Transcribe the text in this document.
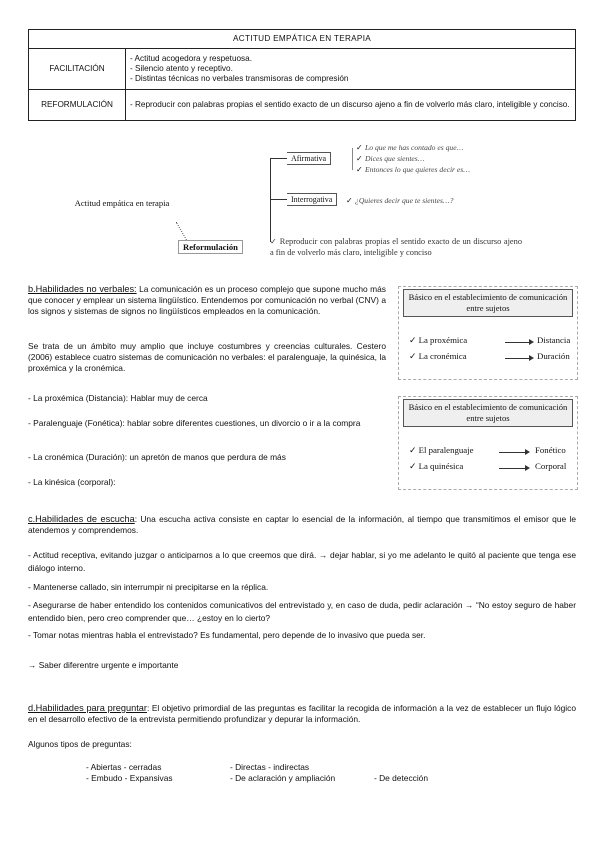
ACTITUD EMPÁTICA EN TERAPIA	
FACILITACIÓN	- Actitud acogedora y respetuosa.
- Silencio atento y receptivo.
- Distintas técnicas no verbales transmisoras de compresión

REFORMULACIÓN	- Reproducir con palabras propias el sentido exacto de un discurso ajeno a fin de volverlo más claro, inteligible y conciso.
Actitud empática en terapia
Reformulación
Afirmativa
Interrogativa
✓ Lo que me has contado es que…
✓ Dices que sientes…
✓ Entonces lo que quieres decir es…
✓ ¿Quieres decir que te sientes…?
✓ Reproducir con palabras propias el sentido exacto de un discurso ajeno a fin de volverlo más claro, inteligible y conciso
b.Habilidades no verbales: La comunicación es un proceso complejo que supone mucho más que conocer y emplear un sistema lingüístico. Entendemos por comunicación no verbal (CNV) a los signos y sistemas de signos no lingüísticos empleados en la comunicación.
Se trata de un ámbito muy amplio que incluye costumbres y creencias culturales. Cestero (2006) establece cuatro sistemas de comunicación no verbales: el paralenguaje, la quinésica, la proxémica y la cronémica.
- La proxémica (Distancia): Hablar muy de cerca
- Paralenguaje (Fonética): hablar sobre diferentes cuestiones, un divorcio o ir a la compra
- La cronémica (Duración): un apretón de manos que perdura de más
- La kinésica (corporal):
Básico en el establecimiento de comunicación entre sujetos
✓ La proxémica	Distancia
✓ La cronémica	Duración
Básico en el establecimiento de comunicación entre sujetos
✓ El paralenguaje	Fonético
✓ La quinésica	Corporal
c.Habilidades de escucha: Una escucha activa consiste en captar lo esencial de la información, al tiempo que transmitimos el emisor que le atendemos y comprendemos.
- Actitud receptiva, evitando juzgar o anticiparnos a lo que creemos que dirá. → dejar hablar, si yo me adelanto le quitó al paciente que tenga ese diálogo interno.
- Mantenerse callado, sin interrumpir ni precipitarse en la réplica.
- Asegurarse de haber entendido los contenidos comunicativos del entrevistado y, en caso de duda, pedir aclaración → “No estoy seguro de haber entendido bien, pero creo comprender que… ¿estoy en lo cierto?
- Tomar notas mientras habla el entrevistado? Es fundamental, pero depende de lo invasivo que pueda ser.
→ Saber diferentre urgente e importante
d.Habilidades para preguntar: El objetivo primordial de las preguntas es facilitar la recogida de información a la vez de establecer un flujo lógico en el desarrollo efectivo de la entrevista permitiendo profundizar y depurar la información.
Algunos tipos de preguntas:
- Abiertas - cerradas	- Directas - indirectas
- Embudo - Expansivas	- De aclaración y ampliación	- De detección
